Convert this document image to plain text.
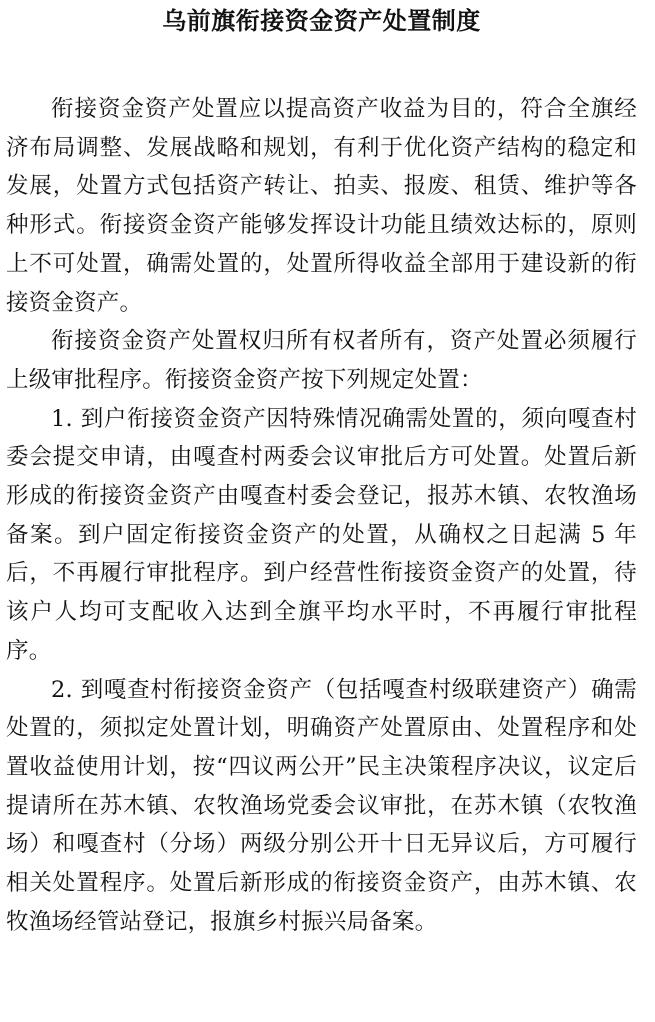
乌前旗衔接资金资产处置制度

衔接资金资产处置应以提高资产收益为目的，符合全旗经济布局调整、发展战略和规划，有利于优化资产结构的稳定和发展，处置方式包括资产转让、拍卖、报废、租赁、维护等各种形式。衔接资金资产能够发挥设计功能且绩效达标的，原则上不可处置，确需处置的，处置所得收益全部用于建设新的衔接资金资产。

衔接资金资产处置权归所有权者所有，资产处置必须履行上级审批程序。衔接资金资产按下列规定处置：

1. 到户衔接资金资产因特殊情况确需处置的，须向嘎查村委会提交申请，由嘎查村两委会议审批后方可处置。处置后新形成的衔接资金资产由嘎查村委会登记，报苏木镇、农牧渔场备案。到户固定衔接资金资产的处置，从确权之日起满 5 年后，不再履行审批程序。到户经营性衔接资金资产的处置，待该户人均可支配收入达到全旗平均水平时，不再履行审批程序。

2. 到嘎查村衔接资金资产（包括嘎查村级联建资产）确需处置的，须拟定处置计划，明确资产处置原由、处置程序和处置收益使用计划，按“四议两公开”民主决策程序决议，议定后提请所在苏木镇、农牧渔场党委会议审批，在苏木镇（农牧渔场）和嘎查村（分场）两级分别公开十日无异议后，方可履行相关处置程序。处置后新形成的衔接资金资产，由苏木镇、农牧渔场经管站登记，报旗乡村振兴局备案。
